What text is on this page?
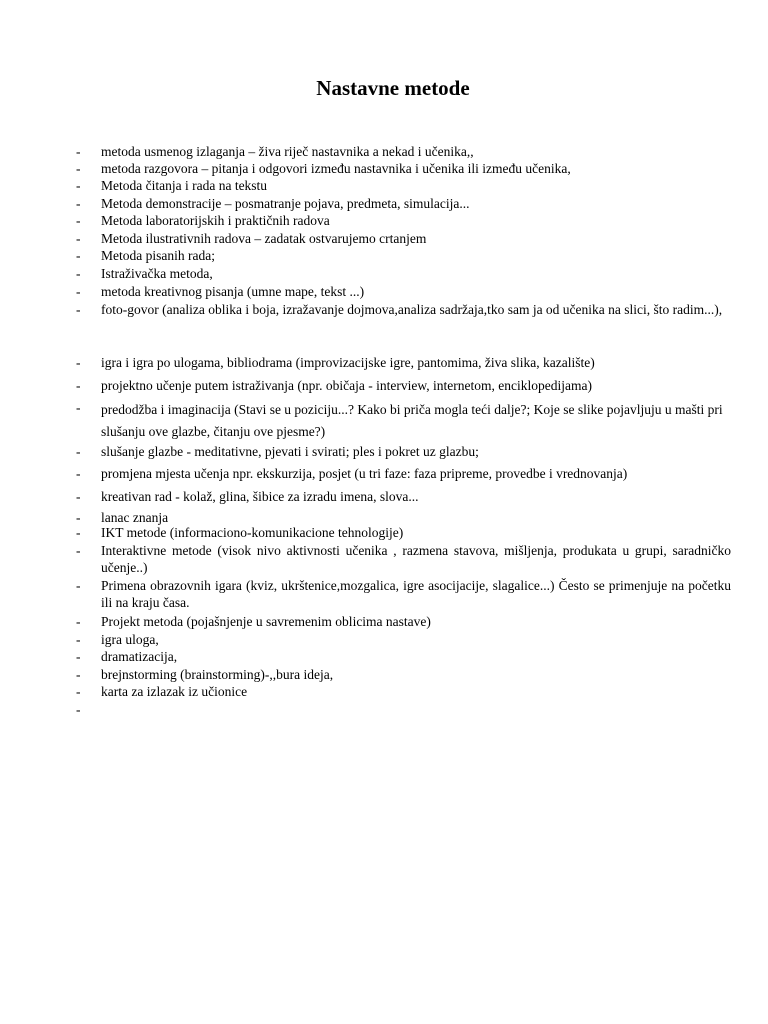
Nastavne metode
- metoda usmenog izlaganja – živa riječ nastavnika a nekad i učenika,,
- metoda razgovora – pitanja i odgovori između nastavnika i učenika ili između učenika,
- Metoda čitanja i rada na tekstu
- Metoda demonstracije – posmatranje pojava, predmeta, simulacija...
- Metoda laboratorijskih i praktičnih radova
- Metoda ilustrativnih radova – zadatak ostvarujemo crtanjem
- Metoda pisanih rada;
- Istraživačka metoda,
- metoda kreativnog pisanja (umne mape, tekst ...)
- foto-govor (analiza oblika i boja, izražavanje dojmova,analiza sadržaja,tko sam ja od učenika na slici, što radim...),
- igra i igra po ulogama, bibliodrama (improvizacijske igre, pantomima, živa slika, kazalište)
- projektno učenje putem istraživanja (npr. običaja - interview, internetom, enciklopedijama)
- predodžba i imaginacija (Stavi se u poziciju...? Kako bi priča mogla teći dalje?; Koje se slike pojavljuju u mašti pri slušanju ove glazbe, čitanju ove pjesme?)
- slušanje glazbe - meditativne, pjevati i svirati; ples i pokret uz glazbu;
- promjena mjesta učenja npr. ekskurzija, posjet (u tri faze: faza pripreme, provedbe i vrednovanja)
- kreativan rad - kolaž, glina, šibice za izradu imena, slova...
- lanac znanja
- IKT metode (informaciono-komunikacione tehnologije)
- Interaktivne metode (visok nivo aktivnosti učenika , razmena stavova, mišljenja, produkata u grupi, saradničko učenje..)
- Primena obrazovnih igara (kviz, ukrštenice,mozgalica, igre asocijacije, slagalice...) Često se primenjuje na početku ili na kraju časa.
- Projekt metoda (pojašnjenje u savremenim oblicima nastave)
- igra uloga,
- dramatizacija,
- brejnstorming (brainstorming)-,,bura ideja,
- karta za izlazak iz učionice
-
